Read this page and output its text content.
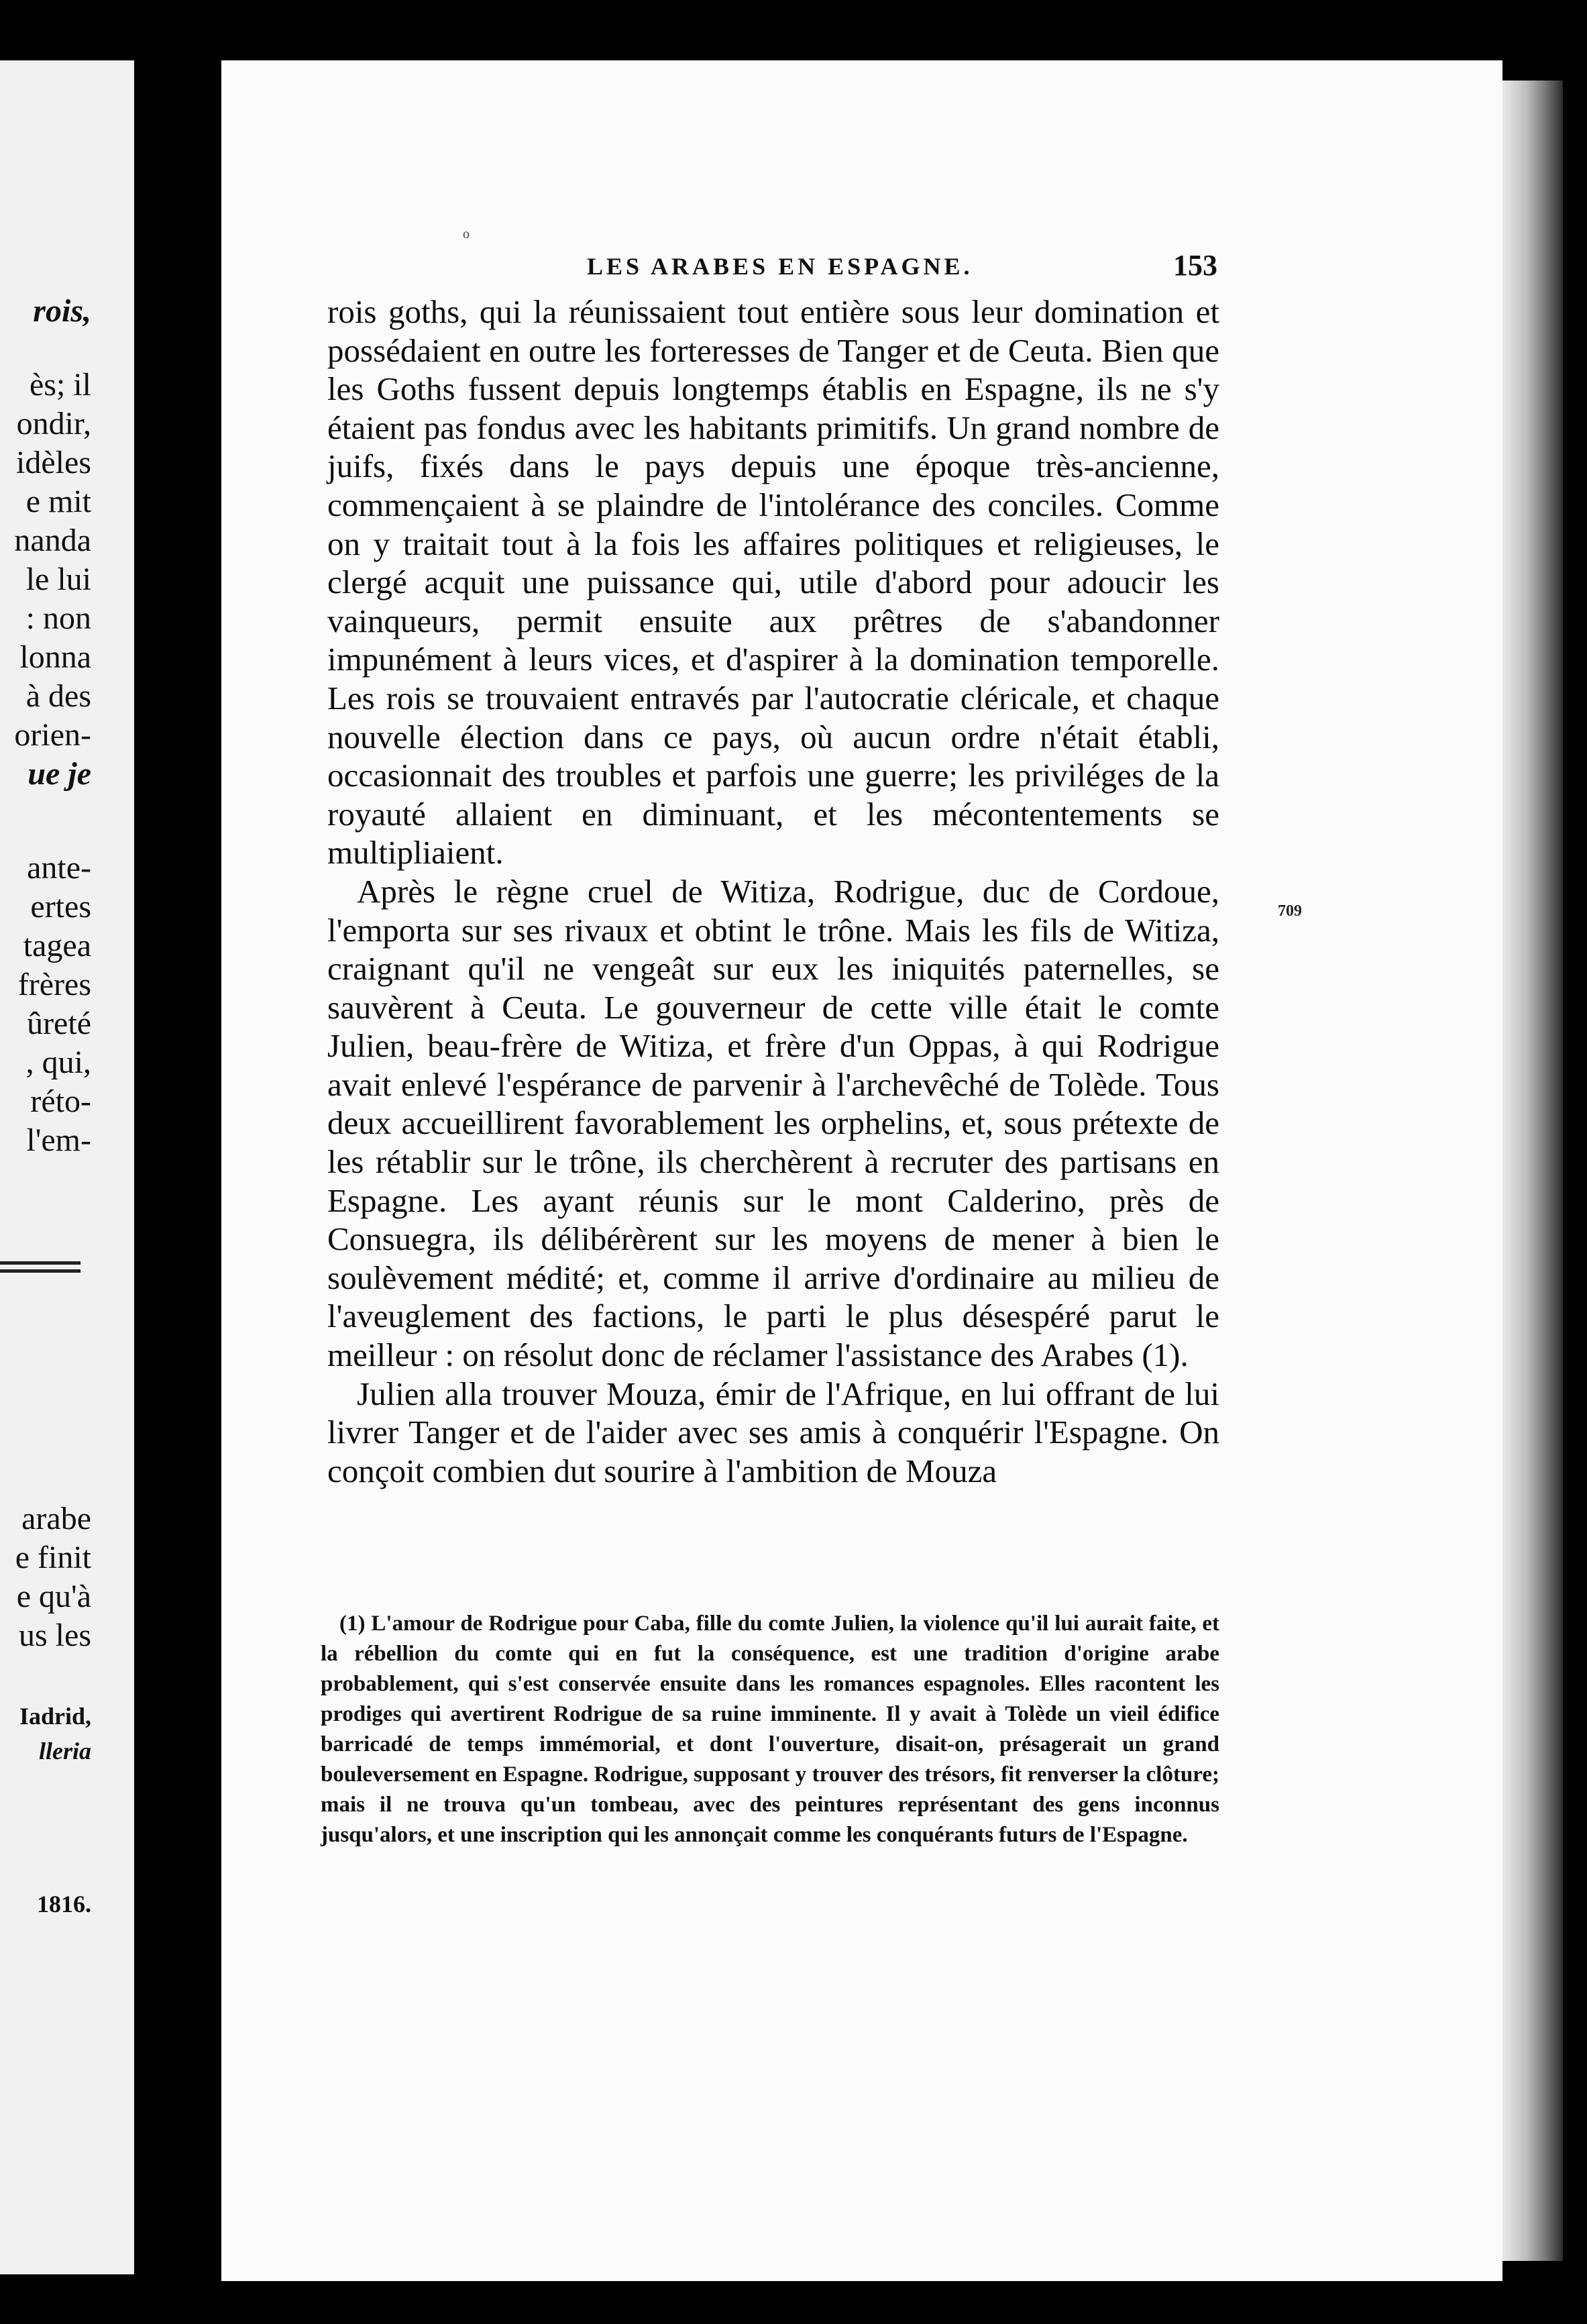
rois,
ès; il
ondir,
idèles
e mit
nanda
le lui
: non
lonna
à des
orien-
ue je
ante-
ertes
tagea
frères
ûreté
, qui,
réto-
l'em-
arabe
e finit
e qu'à
us les
Iadrid,
lleria
1816.
o
LES ARABES EN ESPAGNE.	153

rois goths, qui la réunissaient tout entière sous leur domination et possédaient en outre les forteresses de Tanger et de Ceuta. Bien que les Goths fussent depuis longtemps établis en Espagne, ils ne s'y étaient pas fondus avec les habitants primitifs. Un grand nombre de juifs, fixés dans le pays depuis une époque très-ancienne, commençaient à se plaindre de l'intolérance des conciles. Comme on y traitait tout à la fois les affaires politiques et religieuses, le clergé acquit une puissance qui, utile d'abord pour adoucir les vainqueurs, permit ensuite aux prêtres de s'abandonner impunément à leurs vices, et d'aspirer à la domination temporelle. Les rois se trouvaient entravés par l'autocratie cléricale, et chaque nouvelle élection dans ce pays, où aucun ordre n'était établi, occasionnait des troubles et parfois une guerre; les priviléges de la royauté allaient en diminuant, et les mécontentements se multipliaient.

Après le règne cruel de Witiza, Rodrigue, duc de Cordoue, l'emporta sur ses rivaux et obtint le trône. Mais les fils de Witiza, craignant qu'il ne vengeât sur eux les iniquités paternelles, se sauvèrent à Ceuta. Le gouverneur de cette ville était le comte Julien, beau-frère de Witiza, et frère d'un Oppas, à qui Rodrigue avait enlevé l'espérance de parvenir à l'archevêché de Tolède. Tous deux accueillirent favorablement les orphelins, et, sous prétexte de les rétablir sur le trône, ils cherchèrent à recruter des partisans en Espagne. Les ayant réunis sur le mont Calderino, près de Consuegra, ils délibérèrent sur les moyens de mener à bien le soulèvement médité; et, comme il arrive d'ordinaire au milieu de l'aveuglement des factions, le parti le plus désespéré parut le meilleur : on résolut donc de réclamer l'assistance des Arabes (1).

Julien alla trouver Mouza, émir de l'Afrique, en lui offrant de lui livrer Tanger et de l'aider avec ses amis à conquérir l'Espagne. On conçoit combien dut sourire à l'ambition de Mouza

709

(1) L'amour de Rodrigue pour Caba, fille du comte Julien, la violence qu'il lui aurait faite, et la rébellion du comte qui en fut la conséquence, est une tradition d'origine arabe probablement, qui s'est conservée ensuite dans les romances espagnoles. Elles racontent les prodiges qui avertirent Rodrigue de sa ruine imminente. Il y avait à Tolède un vieil édifice barricadé de temps immémorial, et dont l'ouverture, disait-on, présagerait un grand bouleversement en Espagne. Rodrigue, supposant y trouver des trésors, fit renverser la clôture; mais il ne trouva qu'un tombeau, avec des peintures représentant des gens inconnus jusqu'alors, et une inscription qui les annonçait comme les conquérants futurs de l'Espagne.
